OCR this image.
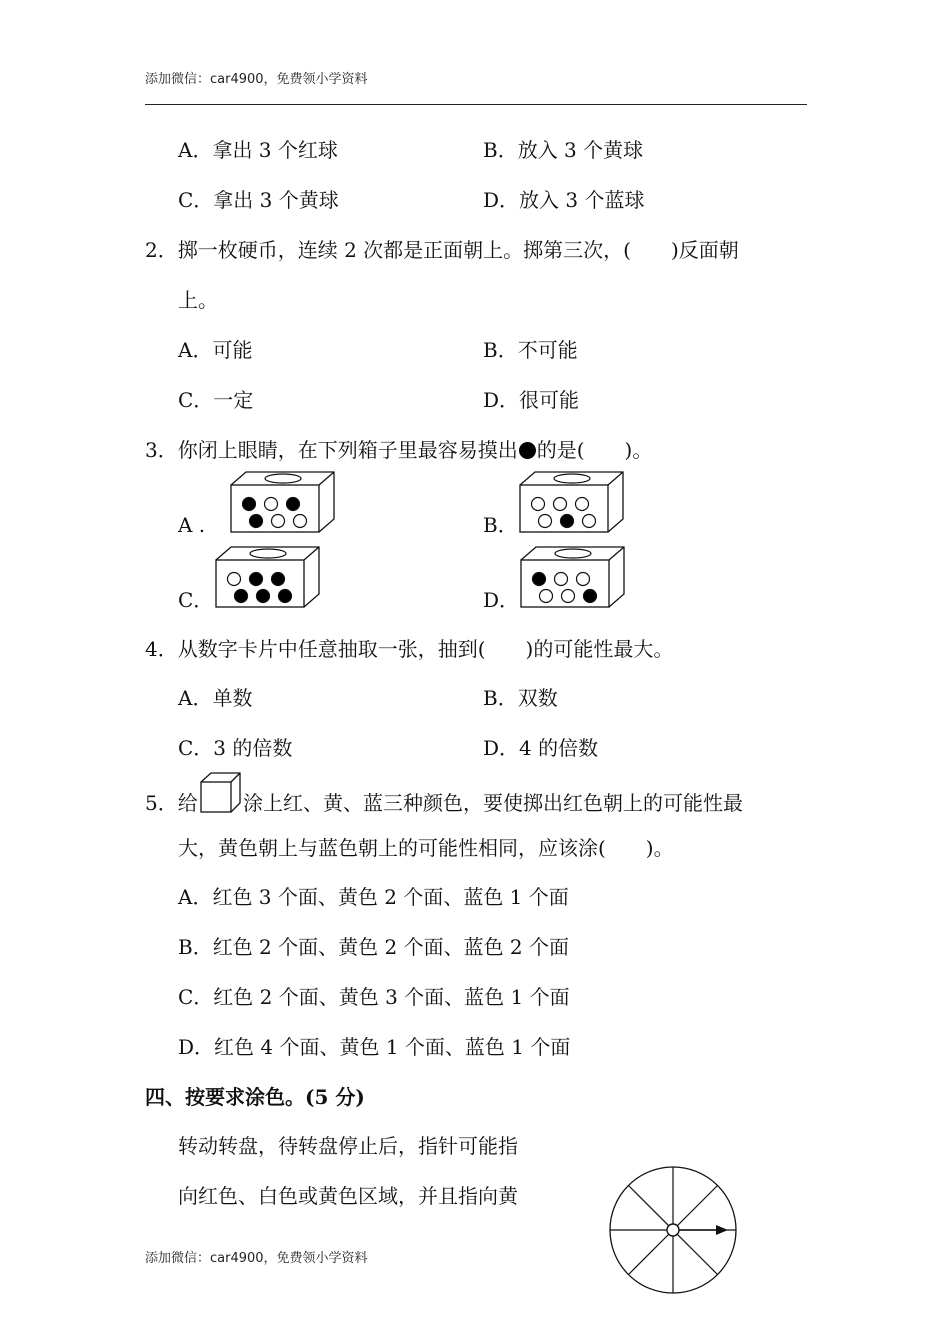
添加微信：car4900，免费领小学资料
A．拿出 3 个红球	B．放入 3 个黄球
C．拿出 3 个黄球	D．放入 3 个蓝球
2．掷一枚硬币，连续 2 次都是正面朝上。掷第三次，(　　)反面朝
上。
A．可能	B．不可能
C．一定	D．很可能
3．你闭上眼睛，在下列箱子里最容易摸出 的是(　　)。
A .	B．
C．	D．
4．从数字卡片中任意抽取一张，抽到(　　)的可能性最大。
A．单数	B．双数
C．3 的倍数	D．4 的倍数
5．给 涂上红、黄、蓝三种颜色，要使掷出红色朝上的可能性最
大，黄色朝上与蓝色朝上的可能性相同，应该涂(　　)。
A．红色 3 个面、黄色 2 个面、蓝色 1 个面
B．红色 2 个面、黄色 2 个面、蓝色 2 个面
C．红色 2 个面、黄色 3 个面、蓝色 1 个面
D．红色 4 个面、黄色 1 个面、蓝色 1 个面
四、按要求涂色。(5 分)
转动转盘，待转盘停止后，指针可能指
向红色、白色或黄色区域，并且指向黄
添加微信：car4900，免费领小学资料
